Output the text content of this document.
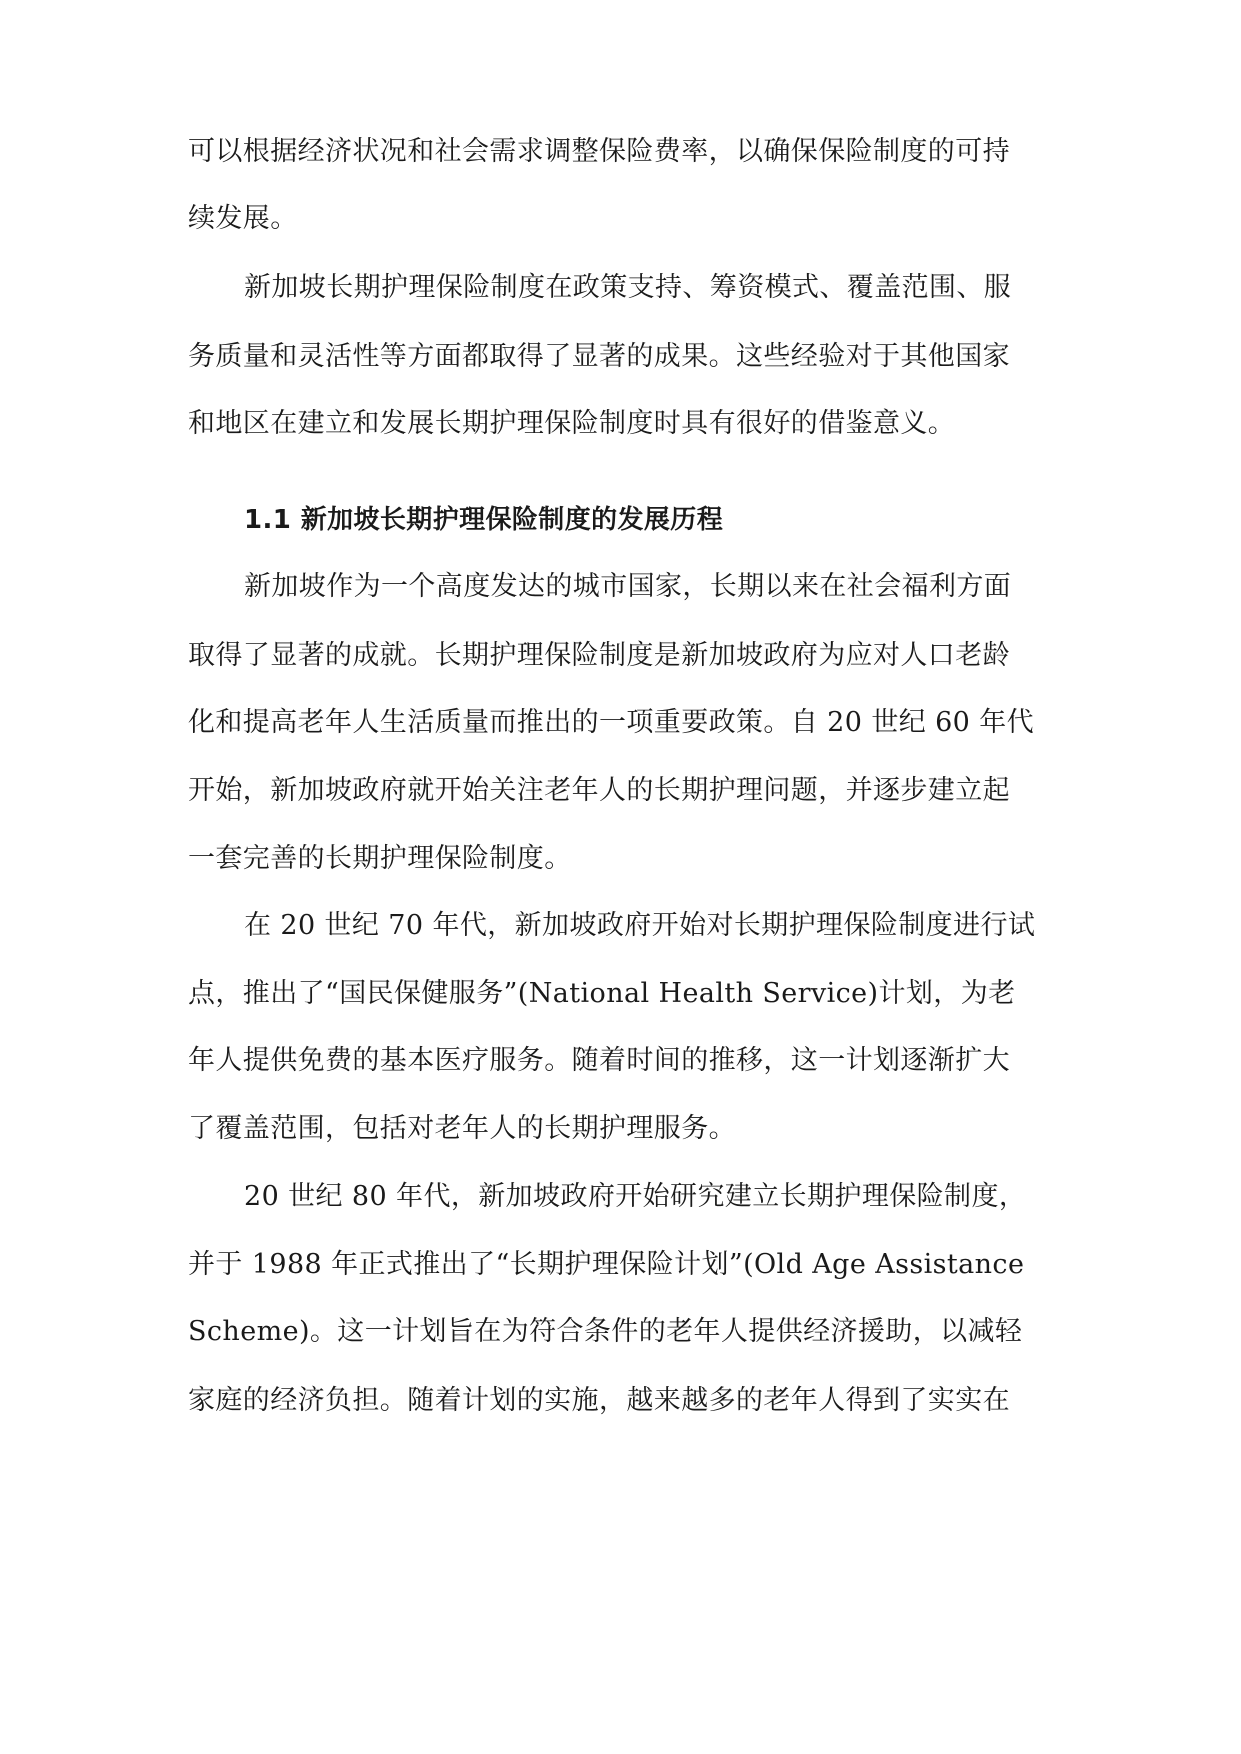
可以根据经济状况和社会需求调整保险费率，以确保保险制度的可持
续发展。
新加坡长期护理保险制度在政策支持、筹资模式、覆盖范围、服
务质量和灵活性等方面都取得了显著的成果。这些经验对于其他国家
和地区在建立和发展长期护理保险制度时具有很好的借鉴意义。
1.1 新加坡长期护理保险制度的发展历程
新加坡作为一个高度发达的城市国家，长期以来在社会福利方面
取得了显著的成就。长期护理保险制度是新加坡政府为应对人口老龄
化和提高老年人生活质量而推出的一项重要政策。自 20 世纪 60 年代
开始，新加坡政府就开始关注老年人的长期护理问题，并逐步建立起
一套完善的长期护理保险制度。
在 20 世纪 70 年代，新加坡政府开始对长期护理保险制度进行试
点，推出了“国民保健服务”(National Health Service)计划，为老
年人提供免费的基本医疗服务。随着时间的推移，这一计划逐渐扩大
了覆盖范围，包括对老年人的长期护理服务。
20 世纪 80 年代，新加坡政府开始研究建立长期护理保险制度，
并于 1988 年正式推出了“长期护理保险计划”(Old Age Assistance
Scheme)。这一计划旨在为符合条件的老年人提供经济援助，以减轻
家庭的经济负担。随着计划的实施，越来越多的老年人得到了实实在
